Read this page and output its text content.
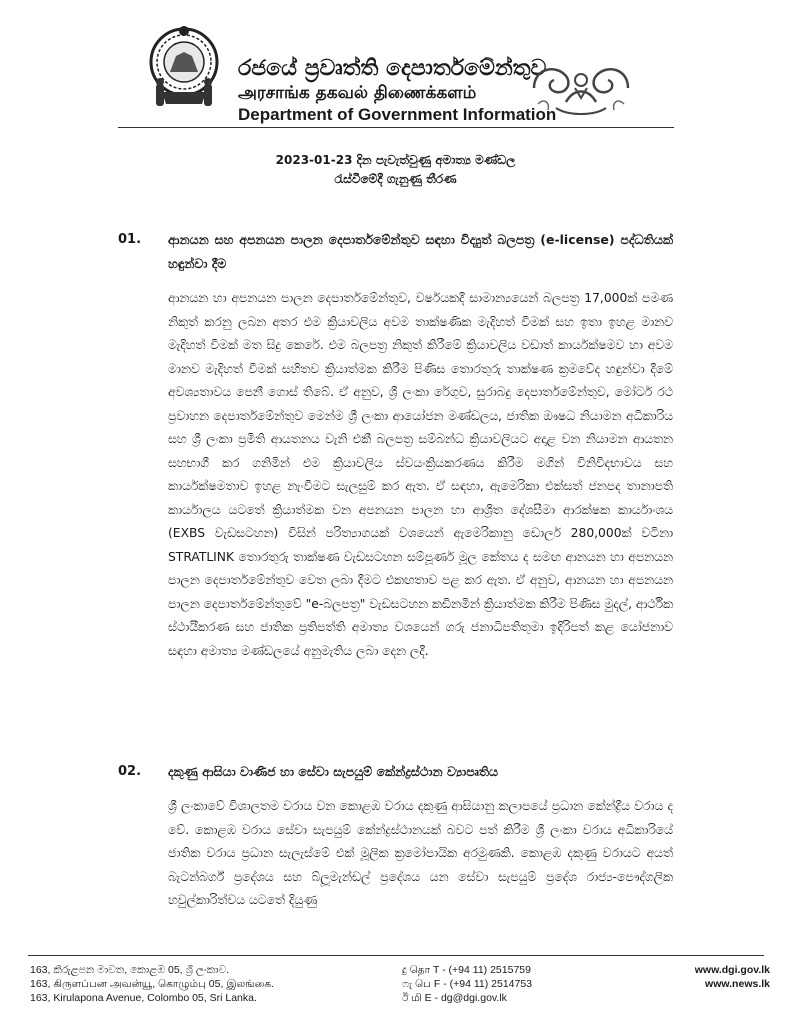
රජයේ ප්‍රවෘත්ති දෙපාර්තමේන්තුව
அரசாங்க தகவல் திணைக்களம்
Department of Government Information
2023-01-23 දින පැවැත්වුණු අමාත්‍ය මණ්ඩල
රැස්වීමේදී ගැනුණු තීරණ
01. ආනයන සහ අපනයන පාලන දෙපාර්තමේන්තුව සඳහා විද්‍යුත් බලපත්‍ර (e-license) පද්ධතියක් හඳුන්වා දීම
ආනයන හා අපනයන පාලන දෙපාර්තමේන්තුව, වර්ෂයකදී සාමාන්‍යයෙන් බලපත්‍ර 17,000ක් පමණ නිකුත් කරනු ලබන අතර එම ක්‍රියාවලිය අවම තාක්ෂණික මැදිහත් වීමක් සහ ඉතා ඉහළ මානව මැදිහත් වීමක් මත සිදු කෙරේ. එම බලපත්‍ර නිකුත් කිරීමේ ක්‍රියාවලිය වඩාත් කාර්යක්ෂමව හා අවම මානව මැදිහත් වීමක් සහිතව ක්‍රියාත්මක කිරීම පිණිස තොරතුරු තාක්ෂණ ක්‍රමවේද හඳුන්වා දීමේ අවශ්‍යතාවය පෙනී ගොස් තිබේ. ඒ අනුව, ශ්‍රී ලංකා රේගුව, සුරාබදු දෙපාර්තමේන්තුව, මෝටර් රථ ප්‍රවාහන දෙපාර්තමේන්තුව මෙන්ම ශ්‍රී ලංකා ආයෝජන මණ්ඩලය, ජාතික ඖෂධ නියාමන අධිකාරිය සහ ශ්‍රී ලංකා ප්‍රමිති ආයතනය වැනි එකී බලපත්‍ර සම්බන්ධ ක්‍රියාවලියට අදාළ වන නියාමන ආයතන සහභාගී කර ගනිමින් එම ක්‍රියාවලිය ස්වයංක්‍රියකරණය කිරීම මගින් විනිවිදභාවය සහ කාර්යක්ෂමතාව ඉහළ නැංවීමට සැලසුම් කර ඇත. ඒ සඳහා, ඇමෙරිකා එක්සත් ජනපද තානාපති කාර්යාලය යටතේ ක්‍රියාත්මක වන අපනයන පාලන හා ආශ්‍රිත දේශසීමා ආරක්ෂක කාර්යාංශය (EXBS වැඩසටහන) විසින් පරිත්‍යාගයක් වශයෙන් ඇමෙරිකානු ඩොලර් 280,000ක් වටිනා STRATLINK තොරතුරු තාක්ෂණ වැඩසටහන සම්පූර්ණ මූල කේතය ද සමඟ ආනයන හා අපනයන පාලන දෙපාර්තමේන්තුව වෙත ලබා දීමට එකඟතාව පළ කර ඇත. ඒ අනුව, ආනයන හා අපනයන පාලන දෙපාර්තමේන්තුවේ "e-බලපත්‍ර" වැඩසටහන කඩිනමින් ක්‍රියාත්මක කිරීම පිණිස මුදල්, ආර්ථික ස්ථායීකරණ සහ ජාතික ප්‍රතිපත්ති අමාත්‍ය වශයෙන් ගරු ජනාධිපතිතුමා ඉදිරිපත් කළ යෝජනාව සඳහා අමාත්‍ය මණ්ඩලයේ අනුමැතිය ලබා දෙන ලදී.
02. දකුණු ආසියා වාණිජ හා සේවා සැපයුම් කේන්ද්‍රස්ථාන ව්‍යාපෘතිය
ශ්‍රී ලංකාවේ විශාලතම වරාය වන කොළඹ වරාය දකුණු ආසියානු කලාපයේ ප්‍රධාන කේන්ද්‍රීය වරාය ද වේ. කොළඹ වරාය සේවා සැපයුම් කේන්ද්‍රස්ථානයක් බවට පත් කිරීම ශ්‍රී ලංකා වරාය අධිකාරියේ ජාතික වරාය ප්‍රධාන සැලැස්මේ එක් මූලික ක්‍රමෝපායික අරමුණකි. කොළඹ දකුණු වරායට අයත් බැටන්බර්ග් ප්‍රදේශය සහ බ්ලූමැන්ඩල් ප්‍රදේශය යන සේවා සැපයුම් ප්‍රදේශ රාජ්‍ය-පෞද්ගලික හවුල්කාරිත්වය යටතේ දියුණු
163, කිරුළපන මාවත, කොළඹ 05, ශ්‍රී ලංකාව.
163, கிருளப்பன அவன்யூ, கொழும்பு 05, இலங்கை.
163, Kirulapona Avenue, Colombo 05, Sri Lanka.
දු தொ T - (+94 11) 2515759
ෆැ பெ F - (+94 11) 2514753
ඊ மி E - dg@dgi.gov.lk
www.dgi.gov.lk
www.news.lk
